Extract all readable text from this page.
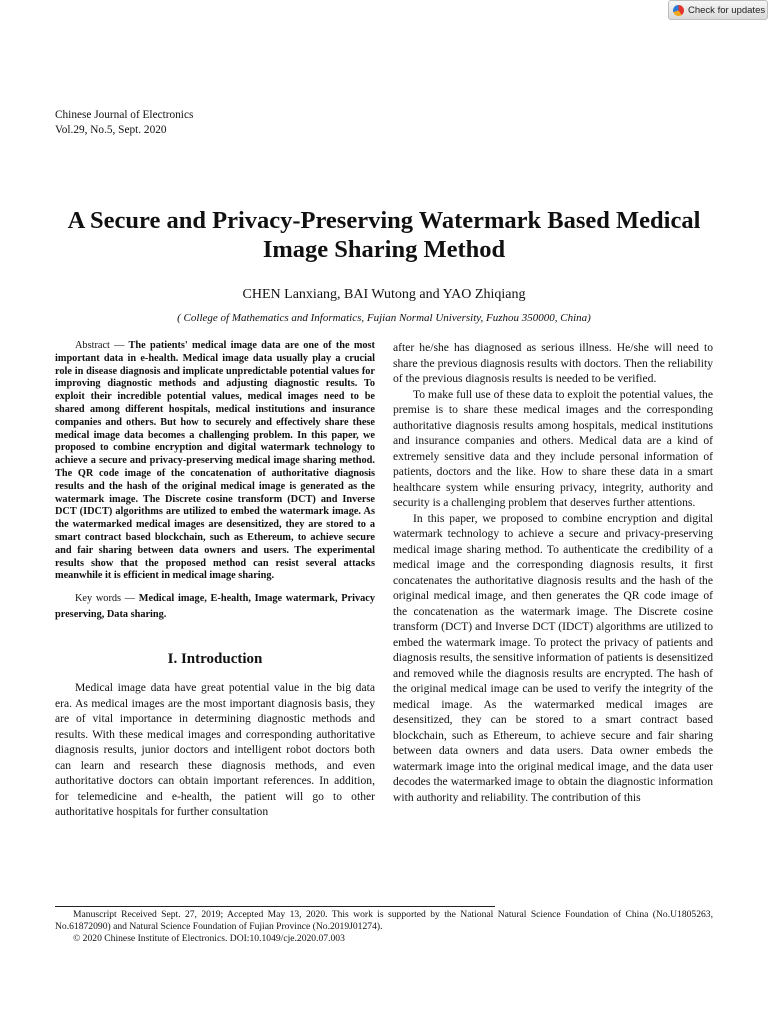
Check for updates
Chinese Journal of Electronics
Vol.29, No.5, Sept. 2020
A Secure and Privacy-Preserving Watermark Based Medical Image Sharing Method
CHEN Lanxiang, BAI Wutong and YAO Zhiqiang
( College of Mathematics and Informatics, Fujian Normal University, Fuzhou 350000, China)

Abstract — The patients' medical image data are one of the most important data in e-health. Medical image data usually play a crucial role in disease diagnosis and implicate unpredictable potential values for improving diagnostic methods and adjusting diagnostic results. To exploit their incredible potential values, medical images need to be shared among different hospitals, medical institutions and insurance companies and others. But how to securely and effectively share these medical image data becomes a challenging problem. In this paper, we proposed to combine encryption and digital watermark technology to achieve a secure and privacy-preserving medical image sharing method. The QR code image of the concatenation of authoritative diagnosis results and the hash of the original medical image is generated as the watermark image. The Discrete cosine transform (DCT) and Inverse DCT (IDCT) algorithms are utilized to embed the watermark image. As the watermarked medical images are desensitized, they are stored to a smart contract based blockchain, such as Ethereum, to achieve secure and fair sharing between data owners and users. The experimental results show that the proposed method can resist several attacks meanwhile it is efficient in medical image sharing.

Key words — Medical image, E-health, Image watermark, Privacy preserving, Data sharing.

I. Introduction

Medical image data have great potential value in the big data era. As medical images are the most important diagnosis basis, they are of vital importance in determining diagnostic methods and results. With these medical images and corresponding authoritative diagnosis results, junior doctors and intelligent robot doctors both can learn and research these diagnosis methods, and even authoritative doctors can obtain important references. In addition, for telemedicine and e-health, the patient will go to other authoritative hospitals for further consultation

after he/she has diagnosed as serious illness. He/she will need to share the previous diagnosis results with doctors. Then the reliability of the previous diagnosis results is needed to be verified.

To make full use of these data to exploit the potential values, the premise is to share these medical images and the corresponding authoritative diagnosis results among hospitals, medical institutions and insurance companies and others. Medical data are a kind of extremely sensitive data and they include personal information of patients, doctors and the like. How to share these data in a smart healthcare system while ensuring privacy, integrity, authority and security is a challenging problem that deserves further attentions.

In this paper, we proposed to combine encryption and digital watermark technology to achieve a secure and privacy-preserving medical image sharing method. To authenticate the credibility of a medical image and the corresponding diagnosis results, it first concatenates the authoritative diagnosis results and the hash of the original medical image, and then generates the QR code image of the concatenation as the watermark image. The Discrete cosine transform (DCT) and Inverse DCT (IDCT) algorithms are utilized to embed the watermark image. To protect the privacy of patients and diagnosis results, the sensitive information of patients is desensitized and removed while the diagnosis results are encrypted. The hash of the original medical image can be used to verify the integrity of the medical image. As the watermarked medical images are desensitized, they can be stored to a smart contract based blockchain, such as Ethereum, to achieve secure and fair sharing between data owners and data users. Data owner embeds the watermark image into the original medical image, and the data user decodes the watermarked image to obtain the diagnostic information with authority and reliability. The contribution of this

Manuscript Received Sept. 27, 2019; Accepted May 13, 2020. This work is supported by the National Natural Science Foundation of China (No.U1805263, No.61872090) and Natural Science Foundation of Fujian Province (No.2019J01274).

© 2020 Chinese Institute of Electronics. DOI:10.1049/cje.2020.07.003
